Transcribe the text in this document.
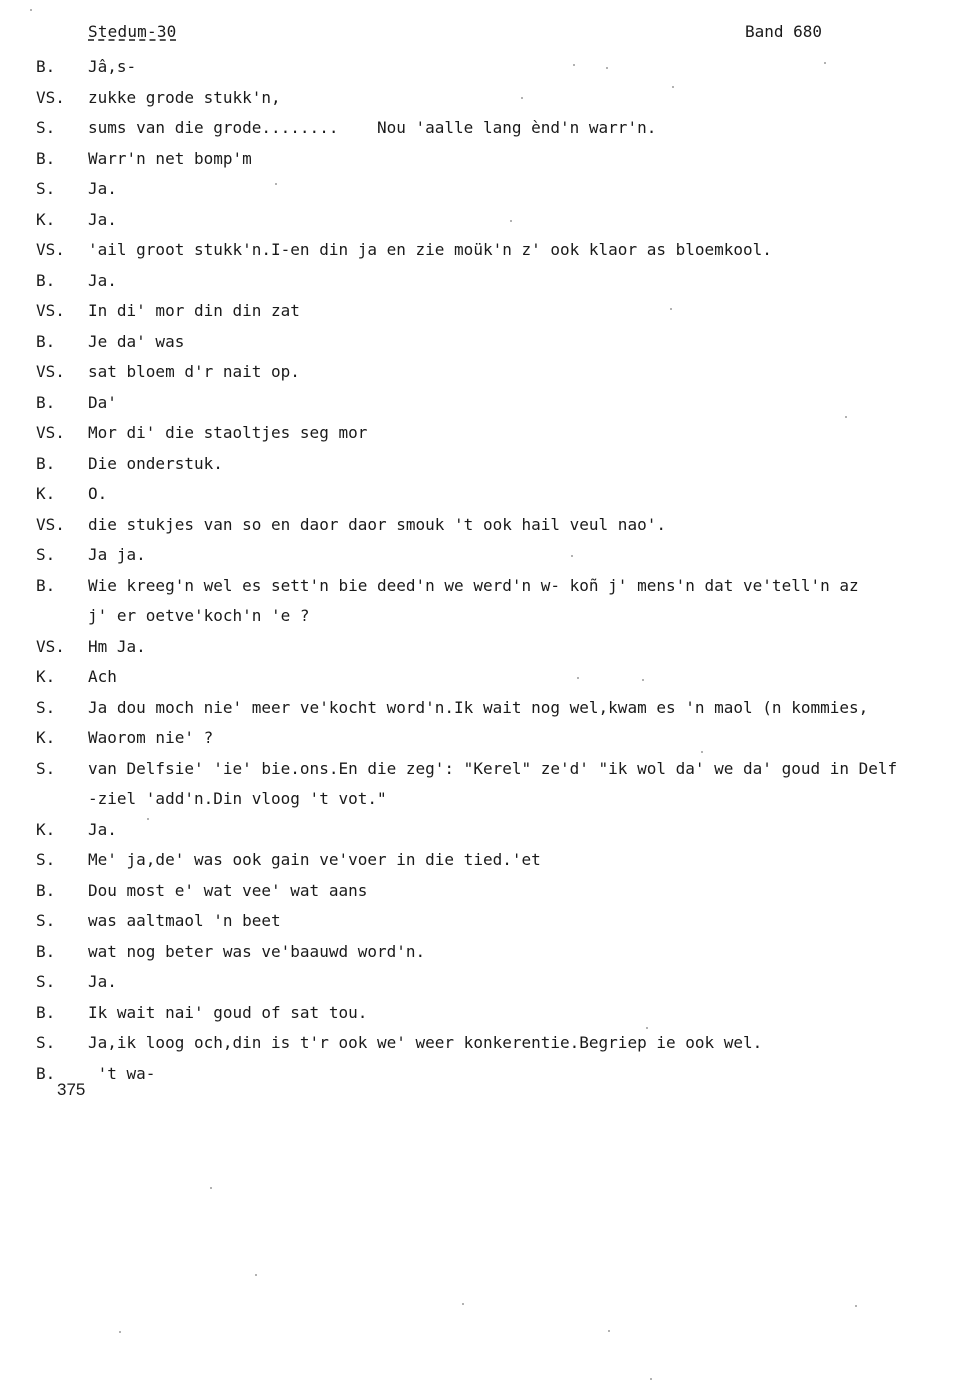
Stedum-30	Band 680
B. Jâ,s-
VS. zukke grode stukk'n,
S. sums van die grode........    Nou 'aalle lang ènd'n warr'n.
B. Warr'n net bomp'm
S. Ja.
K. Ja.
VS. 'ail groot stukk'n.I-en din ja en zie moük'n z' ook klaor as bloemkool.
B. Ja.
VS. In di' mor din din zat
B. Je da' was
VS. sat bloem d'r nait op.
B. Da'
VS. Mor di' die staoltjes seg mor
B. Die onderstuk.
K. O.
VS. die stukjes van so en daor daor smouk 't ook hail veul nao'.
S. Ja ja.
B. Wie kreeg'n wel es sett'n bie deed'n we werd'n w- koñ j' mens'n dat ve'tell'n az
j' er oetve'koch'n 'e ?
VS. Hm Ja.
K. Ach
S. Ja dou moch nie' meer ve'kocht word'n.Ik wait nog wel,kwam es 'n maol (n kommies,
K. Waorom nie' ?
S. van Delfsie' 'ie' bie.ons.En die zeg': "Kerel" ze'd' "ik wol da' we da' goud in Delf
-ziel 'add'n.Din vloog 't vot."
K. Ja.
S. Me' ja,de' was ook gain ve'voer in die tied.'et
B. Dou most e' wat vee' wat aans
S. was aaltmaol 'n beet
B. wat nog beter was ve'baauwd word'n.
S. Ja.
B. Ik wait nai' goud of sat tou.
S. Ja,ik loog och,din is t'r ook we' weer konkerentie.Begriep ie ook wel.
B. 't wa-
375
